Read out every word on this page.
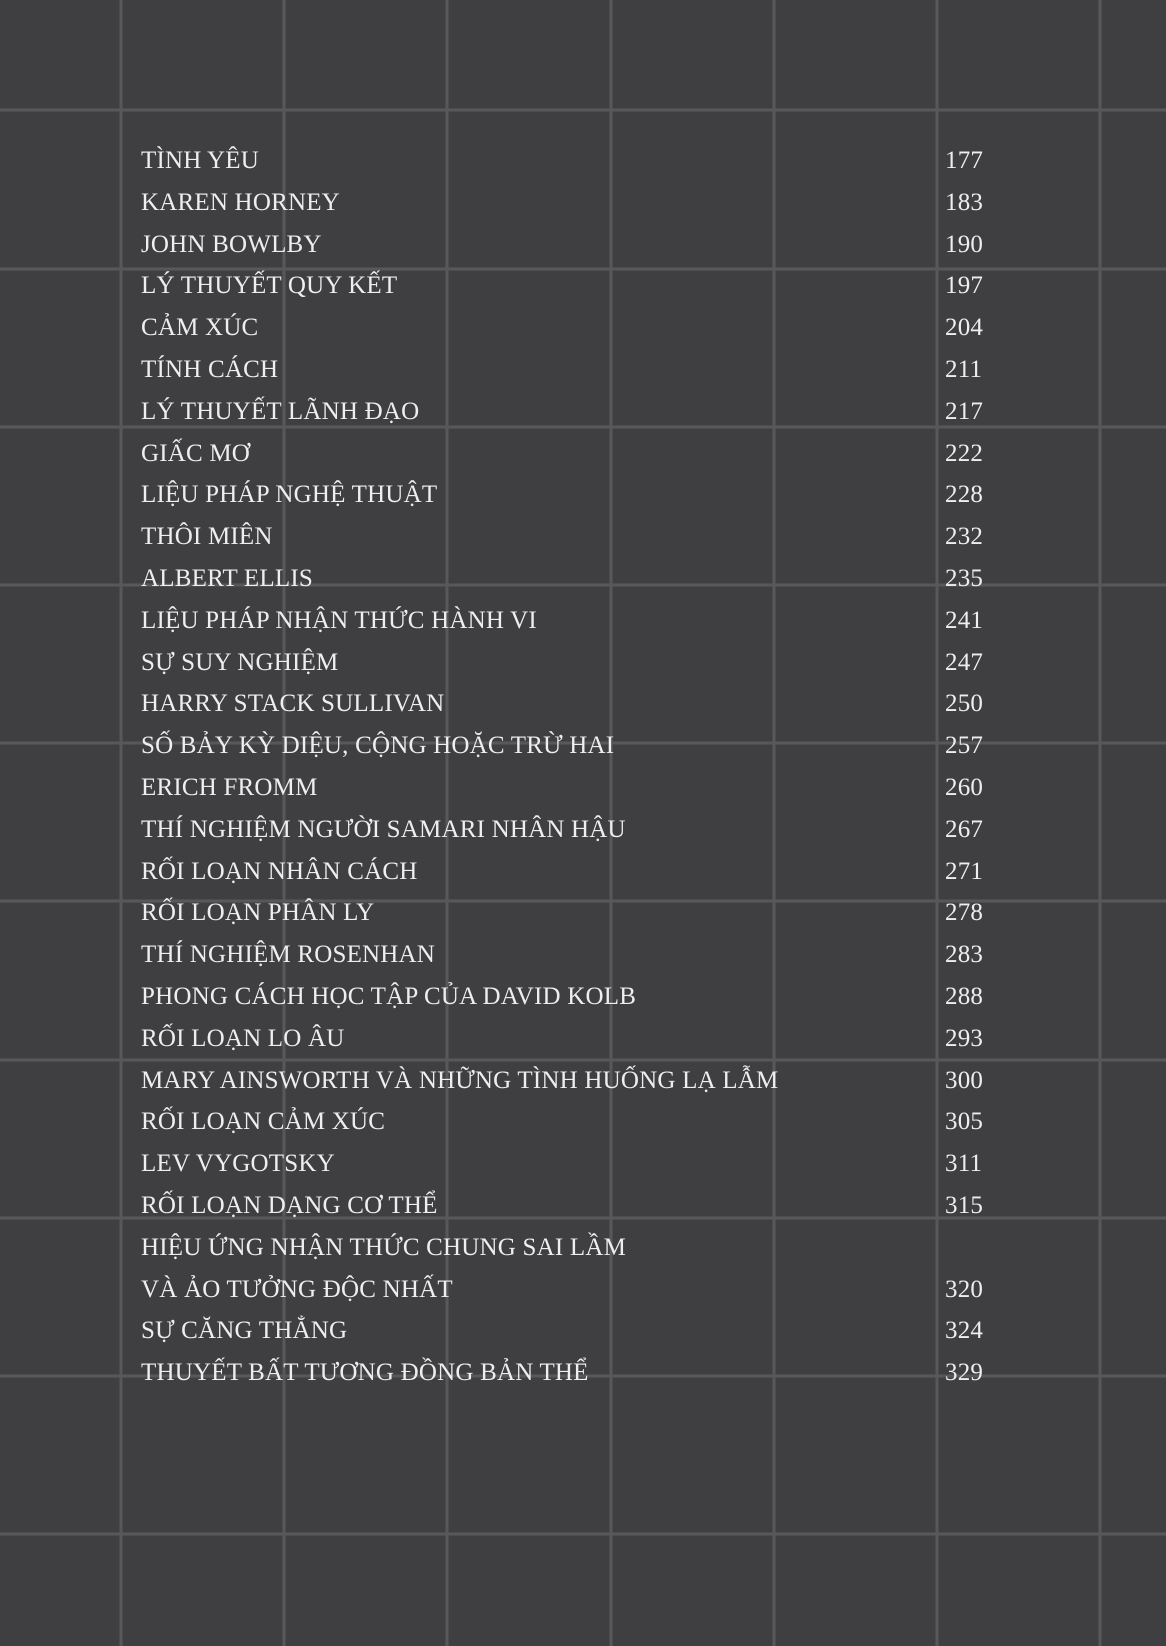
TÌNH YÊU	177
KAREN HORNEY	183
JOHN BOWLBY	190
LÝ THUYẾT QUY KẾT	197
CẢM XÚC	204
TÍNH CÁCH	211
LÝ THUYẾT LÃNH ĐẠO	217
GIẤC MƠ	222
LIỆU PHÁP NGHỆ THUẬT	228
THÔI MIÊN	232
ALBERT ELLIS	235
LIỆU PHÁP NHẬN THỨC HÀNH VI	241
SỰ SUY NGHIỆM	247
HARRY STACK SULLIVAN	250
SỐ BẢY KỲ DIỆU, CỘNG HOẶC TRỪ HAI	257
ERICH FROMM	260
THÍ NGHIỆM NGƯỜI SAMARI NHÂN HẬU	267
RỐI LOẠN NHÂN CÁCH	271
RỐI LOẠN PHÂN LY	278
THÍ NGHIỆM ROSENHAN	283
PHONG CÁCH HỌC TẬP CỦA DAVID KOLB	288
RỐI LOẠN LO ÂU	293
MARY AINSWORTH VÀ NHỮNG TÌNH HUỐNG LẠ LẪM	300
RỐI LOẠN CẢM XÚC	305
LEV VYGOTSKY	311
RỐI LOẠN DẠNG CƠ THỂ	315
HIỆU ỨNG NHẬN THỨC CHUNG SAI LẦM
VÀ ẢO TƯỞNG ĐỘC NHẤT	320
SỰ CĂNG THẲNG	324
THUYẾT BẤT TƯƠNG ĐỒNG BẢN THỂ	329
